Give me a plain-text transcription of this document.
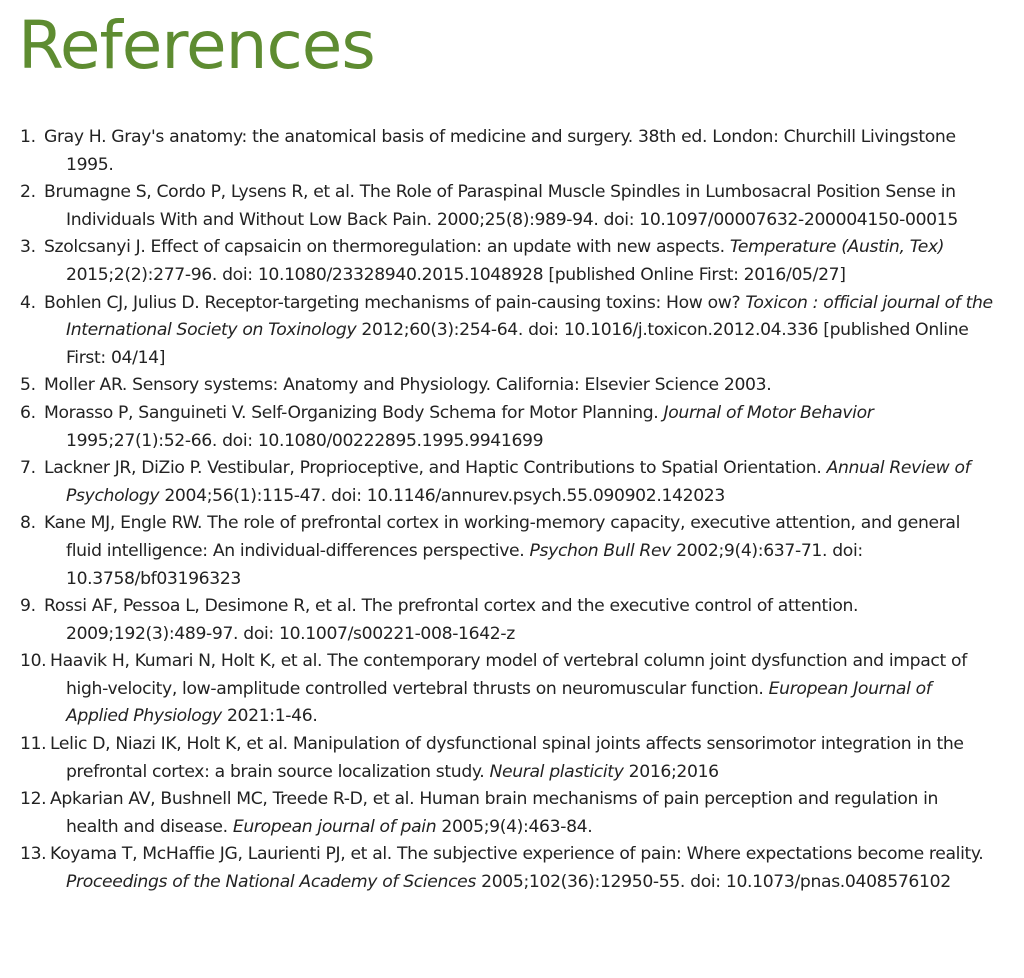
References
1. Gray H. Gray's anatomy: the anatomical basis of medicine and surgery. 38th ed. London: Churchill Livingstone 1995.
2. Brumagne S, Cordo P, Lysens R, et al. The Role of Paraspinal Muscle Spindles in Lumbosacral Position Sense in Individuals With and Without Low Back Pain. 2000;25(8):989-94. doi: 10.1097/00007632-200004150-00015
3. Szolcsanyi J. Effect of capsaicin on thermoregulation: an update with new aspects. Temperature (Austin, Tex) 2015;2(2):277-96. doi: 10.1080/23328940.2015.1048928 [published Online First: 2016/05/27]
4. Bohlen CJ, Julius D. Receptor-targeting mechanisms of pain-causing toxins: How ow? Toxicon : official journal of the International Society on Toxinology 2012;60(3):254-64. doi: 10.1016/j.toxicon.2012.04.336 [published Online First: 04/14]
5. Moller AR. Sensory systems: Anatomy and Physiology. California: Elsevier Science 2003.
6. Morasso P, Sanguineti V. Self-Organizing Body Schema for Motor Planning. Journal of Motor Behavior 1995;27(1):52-66. doi: 10.1080/00222895.1995.9941699
7. Lackner JR, DiZio P. Vestibular, Proprioceptive, and Haptic Contributions to Spatial Orientation. Annual Review of Psychology 2004;56(1):115-47. doi: 10.1146/annurev.psych.55.090902.142023
8. Kane MJ, Engle RW. The role of prefrontal cortex in working-memory capacity, executive attention, and general fluid intelligence: An individual-differences perspective. Psychon Bull Rev 2002;9(4):637-71. doi: 10.3758/bf03196323
9. Rossi AF, Pessoa L, Desimone R, et al. The prefrontal cortex and the executive control of attention. 2009;192(3):489-97. doi: 10.1007/s00221-008-1642-z
10. Haavik H, Kumari N, Holt K, et al. The contemporary model of vertebral column joint dysfunction and impact of high-velocity, low-amplitude controlled vertebral thrusts on neuromuscular function. European Journal of Applied Physiology 2021:1-46.
11. Lelic D, Niazi IK, Holt K, et al. Manipulation of dysfunctional spinal joints affects sensorimotor integration in the prefrontal cortex: a brain source localization study. Neural plasticity 2016;2016
12. Apkarian AV, Bushnell MC, Treede R-D, et al. Human brain mechanisms of pain perception and regulation in health and disease. European journal of pain 2005;9(4):463-84.
13. Koyama T, McHaffie JG, Laurienti PJ, et al. The subjective experience of pain: Where expectations become reality. Proceedings of the National Academy of Sciences 2005;102(36):12950-55. doi: 10.1073/pnas.0408576102
